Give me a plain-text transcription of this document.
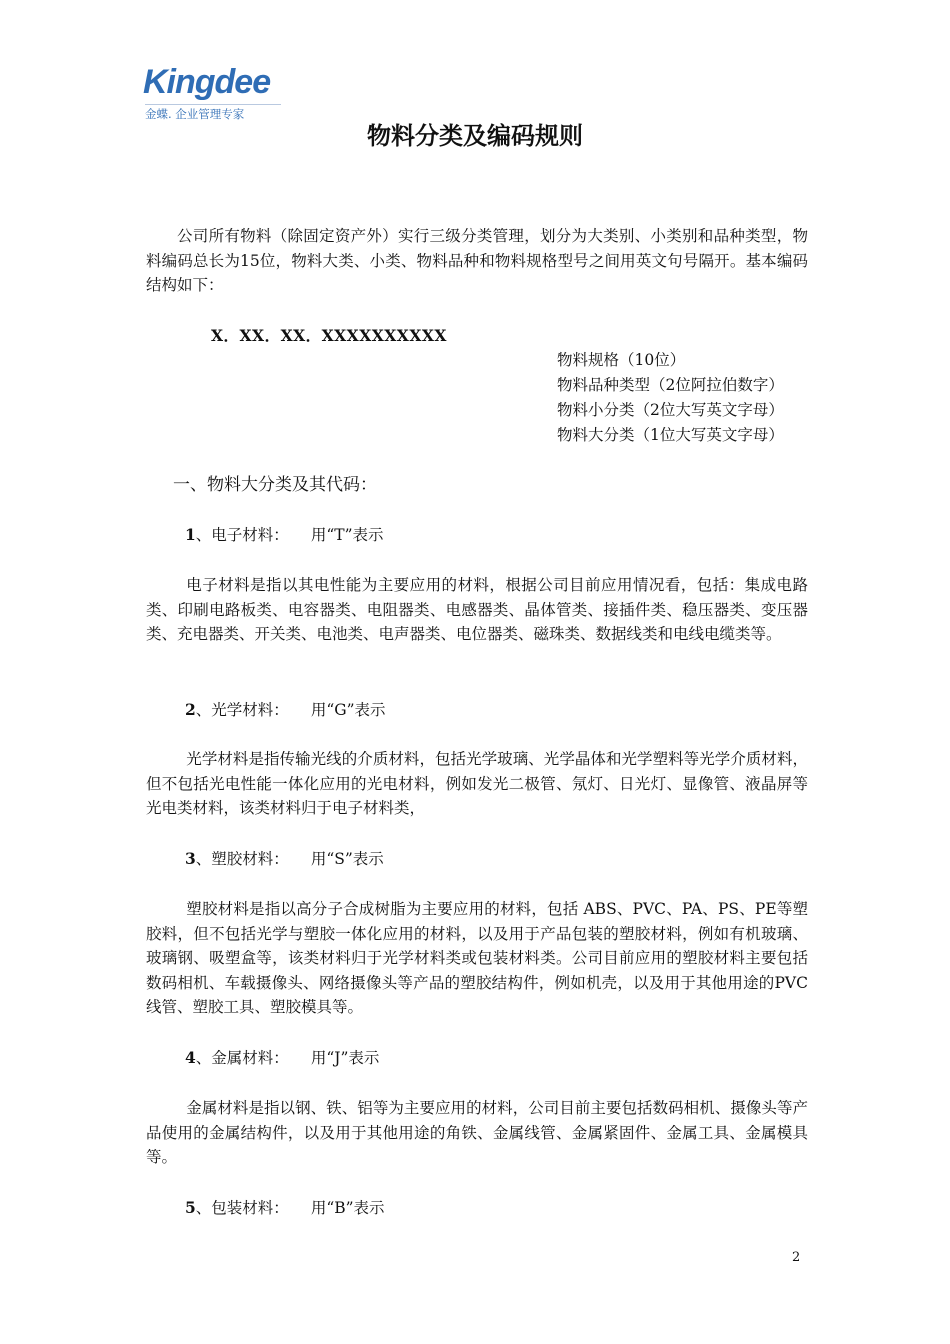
Kingdee
金蝶. 企业管理专家
物料分类及编码规则
公司所有物料（除固定资产外）实行三级分类管理，划分为大类别、小类别和品种类型，物料编码总长为15位，物料大类、小类、物料品种和物料规格型号之间用英文句号隔开。基本编码结构如下：
X．XX．XX．XXXXXXXXXX
物料规格（10位）
物料品种类型（2位阿拉伯数字）
物料小分类（2位大写英文字母）
物料大分类（1位大写英文字母）
一、物料大分类及其代码：
1、电子材料： 用“T”表示
电子材料是指以其电性能为主要应用的材料，根据公司目前应用情况看，包括：集成电路类、印刷电路板类、电容器类、电阻器类、电感器类、晶体管类、接插件类、稳压器类、变压器类、充电器类、开关类、电池类、电声器类、电位器类、磁珠类、数据线类和电线电缆类等。
2、光学材料： 用“G”表示
光学材料是指传输光线的介质材料，包括光学玻璃、光学晶体和光学塑料等光学介质材料，但不包括光电性能一体化应用的光电材料，例如发光二极管、氖灯、日光灯、显像管、液晶屏等光电类材料，该类材料归于电子材料类，
3、塑胶材料： 用“S”表示
塑胶材料是指以高分子合成树脂为主要应用的材料，包括 ABS、PVC、PA、PS、PE等塑胶料，但不包括光学与塑胶一体化应用的材料，以及用于产品包装的塑胶材料，例如有机玻璃、玻璃钢、吸塑盒等，该类材料归于光学材料类或包装材料类。公司目前应用的塑胶材料主要包括数码相机、车载摄像头、网络摄像头等产品的塑胶结构件，例如机壳，以及用于其他用途的PVC线管、塑胶工具、塑胶模具等。
4、金属材料： 用“J”表示
金属材料是指以钢、铁、铝等为主要应用的材料，公司目前主要包括数码相机、摄像头等产品使用的金属结构件，以及用于其他用途的角铁、金属线管、金属紧固件、金属工具、金属模具等。
5、包装材料： 用“B”表示
2
